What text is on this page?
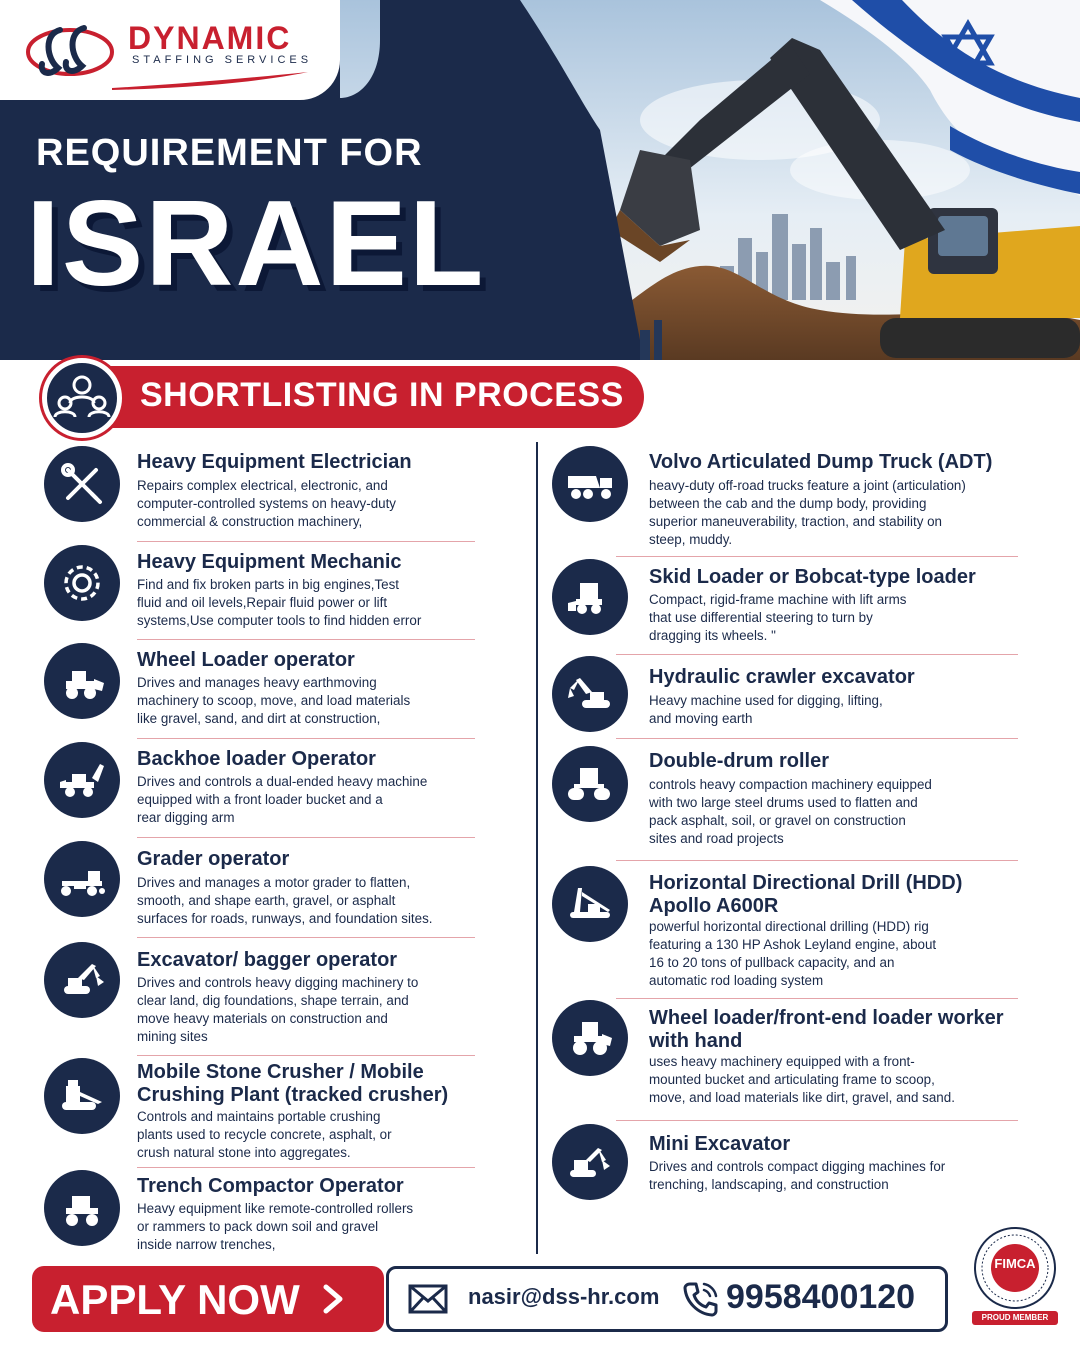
DYNAMIC
STAFFING SERVICES
REQUIREMENT FOR
ISRAEL
SHORTLISTING IN PROCESS
Heavy Equipment Electrician
Repairs complex electrical, electronic, and
computer-controlled systems on heavy-duty
commercial & construction machinery,
Heavy Equipment Mechanic
Find and fix broken parts in big engines,Test
fluid and oil levels,Repair fluid power or lift
systems,Use computer tools to find hidden error
Wheel Loader operator
Drives and manages heavy earthmoving
machinery to scoop, move, and load materials
like gravel, sand, and dirt at construction,
Backhoe loader Operator
Drives and controls a dual-ended heavy machine
equipped with a front loader bucket and a
rear digging arm
Grader operator
Drives and manages a motor grader to flatten,
smooth, and shape earth, gravel, or asphalt
surfaces for roads, runways, and foundation sites.
Excavator/ bagger operator
Drives and controls heavy digging machinery to
clear land, dig foundations, shape terrain, and
move heavy materials on construction and
mining sites
Mobile Stone Crusher / Mobile
Crushing Plant (tracked crusher)
Controls and maintains portable crushing
plants used to recycle concrete, asphalt, or
crush natural stone into aggregates.
Trench Compactor Operator
Heavy equipment like remote-controlled rollers
or rammers to pack down soil and gravel
inside narrow trenches,
Volvo Articulated Dump Truck (ADT)
heavy-duty off-road trucks feature a joint (articulation)
between the cab and the dump body, providing
superior maneuverability, traction, and stability on
steep, muddy.
Skid Loader or Bobcat-type loader
Compact, rigid-frame machine with lift arms
that use differential steering to turn by
dragging its wheels. "
Hydraulic crawler excavator
Heavy machine used for digging, lifting,
and moving earth
Double-drum roller
controls heavy compaction machinery equipped
with two large steel drums used to flatten and
pack asphalt, soil, or gravel on construction
sites and road projects
Horizontal Directional Drill (HDD)
Apollo A600R
powerful horizontal directional drilling (HDD) rig
featuring a 130 HP Ashok Leyland engine, about
16 to 20 tons of pullback capacity, and an
automatic rod loading system
Wheel loader/front-end loader worker
with hand
uses heavy machinery equipped with a front-
mounted bucket and articulating frame to scoop,
move, and load materials like dirt, gravel, and sand.
Mini Excavator
Drives and controls compact digging machines for
trenching, landscaping, and construction
APPLY NOW	nasir@dss-hr.com 9958400120
FIMCA
PROUD MEMBER
